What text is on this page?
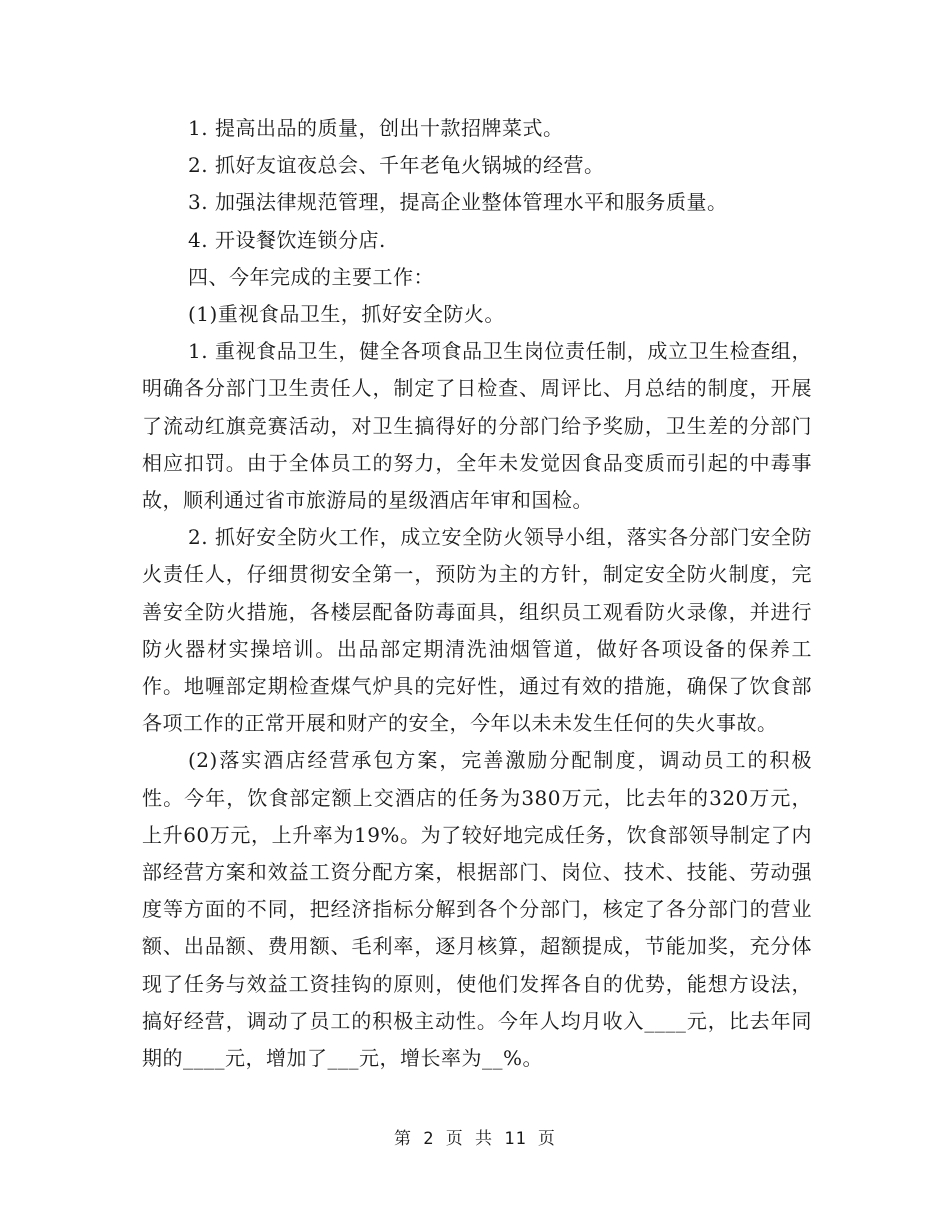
1. 提高出品的质量，创出十款招牌菜式。

2. 抓好友谊夜总会、千年老龟火锅城的经营。

3. 加强法律规范管理，提高企业整体管理水平和服务质量。

4. 开设餐饮连锁分店.

四、今年完成的主要工作：

(1)重视食品卫生，抓好安全防火。

1. 重视食品卫生，健全各项食品卫生岗位责任制，成立卫生检查组，明确各分部门卫生责任人，制定了日检查、周评比、月总结的制度，开展了流动红旗竞赛活动，对卫生搞得好的分部门给予奖励，卫生差的分部门相应扣罚。由于全体员工的努力，全年未发觉因食品变质而引起的中毒事故，顺利通过省市旅游局的星级酒店年审和国检。

2. 抓好安全防火工作，成立安全防火领导小组，落实各分部门安全防火责任人，仔细贯彻安全第一，预防为主的方针，制定安全防火制度，完善安全防火措施，各楼层配备防毒面具，组织员工观看防火录像，并进行防火器材实操培训。出品部定期清洗油烟管道，做好各项设备的保养工作。地喱部定期检查煤气炉具的完好性，通过有效的措施，确保了饮食部各项工作的正常开展和财产的安全，今年以未未发生任何的失火事故。

(2)落实酒店经营承包方案，完善激励分配制度，调动员工的积极性。今年，饮食部定额上交酒店的任务为380万元，比去年的320万元，上升60万元，上升率为19%。为了较好地完成任务，饮食部领导制定了内部经营方案和效益工资分配方案，根据部门、岗位、技术、技能、劳动强度等方面的不同，把经济指标分解到各个分部门，核定了各分部门的营业额、出品额、费用额、毛利率，逐月核算，超额提成，节能加奖，充分体现了任务与效益工资挂钩的原则，使他们发挥各自的优势，能想方设法，搞好经营，调动了员工的积极主动性。今年人均月收入____元，比去年同期的____元，增加了___元，增长率为__%。

第 2 页 共 11 页
